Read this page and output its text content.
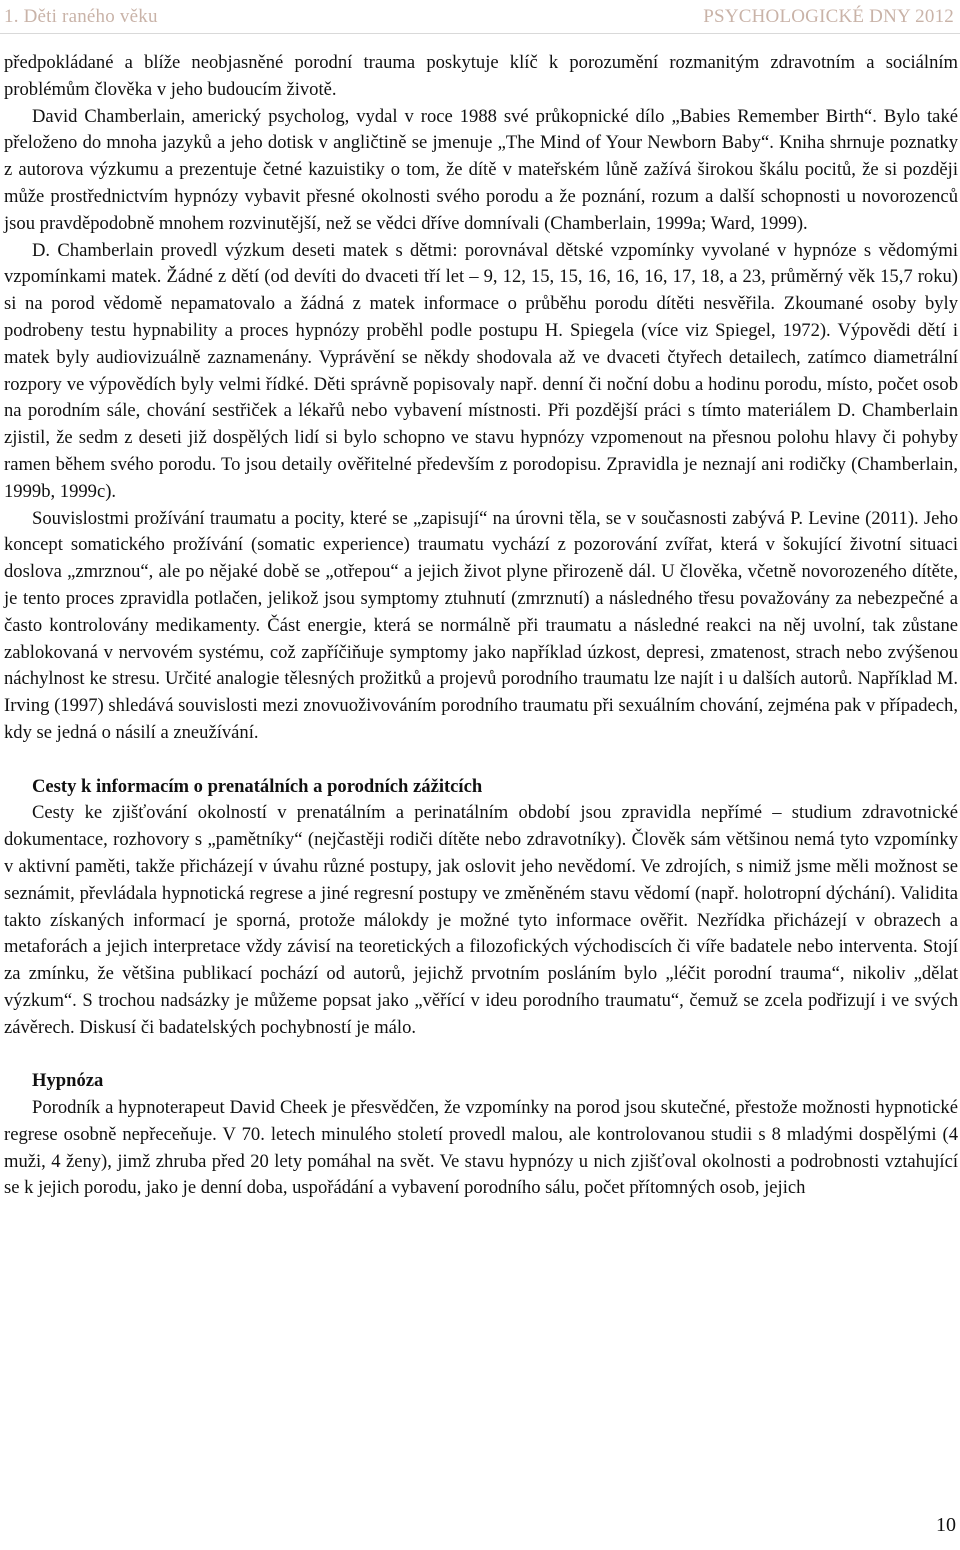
1. Děti raného věku	PSYCHOLOGICKÉ DNY 2012

předpokládané a blíže neobjasněné porodní trauma poskytuje klíč k porozumění rozmanitým zdravotním a sociálním problémům člověka v jeho budoucím životě.

David Chamberlain, americký psycholog, vydal v roce 1988 své průkopnické dílo „Babies Remember Birth“. Bylo také přeloženo do mnoha jazyků a jeho dotisk v angličtině se jmenuje „The Mind of Your Newborn Baby“. Kniha shrnuje poznatky z autorova výzkumu a prezentuje četné kazuistiky o tom, že dítě v mateřském lůně zažívá širokou škálu pocitů, že si později může prostřednictvím hypnózy vybavit přesné okolnosti svého porodu a že poznání, rozum a další schopnosti u novorozenců jsou pravděpodobně mnohem rozvinutější, než se vědci dříve domnívali (Chamberlain, 1999a; Ward, 1999).

D. Chamberlain provedl výzkum deseti matek s dětmi: porovnával dětské vzpomínky vyvolané v hypnóze s vědomými vzpomínkami matek. Žádné z dětí (od devíti do dvaceti tří let – 9, 12, 15, 15, 16, 16, 16, 17, 18, a 23, průměrný věk 15,7 roku) si na porod vědomě nepamatovalo a žádná z matek informace o průběhu porodu dítěti nesvěřila. Zkoumané osoby byly podrobeny testu hypnability a proces hypnózy proběhl podle postupu H. Spiegela (více viz Spiegel, 1972). Výpovědi dětí i matek byly audiovizuálně zaznamenány. Vyprávění se někdy shodovala až ve dvaceti čtyřech detailech, zatímco diametrální rozpory ve výpovědích byly velmi řídké. Děti správně popisovaly např. denní či noční dobu a hodinu porodu, místo, počet osob na porodním sále, chování sestřiček a lékařů nebo vybavení místnosti. Při pozdější práci s tímto materiálem D. Chamberlain zjistil, že sedm z deseti již dospělých lidí si bylo schopno ve stavu hypnózy vzpomenout na přesnou polohu hlavy či pohyby ramen během svého porodu. To jsou detaily ověřitelné především z porodopisu. Zpravidla je neznají ani rodičky (Chamberlain, 1999b, 1999c).

Souvislostmi prožívání traumatu a pocity, které se „zapisují“ na úrovni těla, se v současnosti zabývá P. Levine (2011). Jeho koncept somatického prožívání (somatic experience) traumatu vychází z pozorování zvířat, která v šokující životní situaci doslova „zmrznou“, ale po nějaké době se „otřepou“ a jejich život plyne přirozeně dál. U člověka, včetně novorozeného dítěte, je tento proces zpravidla potlačen, jelikož jsou symptomy ztuhnutí (zmrznutí) a následného třesu považovány za nebezpečné a často kontrolovány medikamenty. Část energie, která se normálně při traumatu a následné reakci na něj uvolní, tak zůstane zablokovaná v nervovém systému, což zapříčiňuje symptomy jako například úzkost, depresi, zmatenost, strach nebo zvýšenou náchylnost ke stresu. Určité analogie tělesných prožitků a projevů porodního traumatu lze najít i u dalších autorů. Například M. Irving (1997) shledává souvislosti mezi znovuoživováním porodního traumatu při sexuálním chování, zejména pak v případech, kdy se jedná o násilí a zneužívání.

Cesty k informacím o prenatálních a porodních zážitcích

Cesty ke zjišťování okolností v prenatálním a perinatálním období jsou zpravidla nepřímé – studium zdravotnické dokumentace, rozhovory s „pamětníky“ (nejčastěji rodiči dítěte nebo zdravotníky). Člověk sám většinou nemá tyto vzpomínky v aktivní paměti, takže přicházejí v úvahu různé postupy, jak oslovit jeho nevědomí. Ve zdrojích, s nimiž jsme měli možnost se seznámit, převládala hypnotická regrese a jiné regresní postupy ve změněném stavu vědomí (např. holotropní dýchání). Validita takto získaných informací je sporná, protože málokdy je možné tyto informace ověřit. Nezřídka přicházejí v obrazech a metaforách a jejich interpretace vždy závisí na teoretických a filozofických východiscích či víře badatele nebo interventa. Stojí za zmínku, že většina publikací pochází od autorů, jejichž prvotním posláním bylo „léčit porodní trauma“, nikoliv „dělat výzkum“. S trochou nadsázky je můžeme popsat jako „věřící v ideu porodního traumatu“, čemuž se zcela podřizují i ve svých závěrech. Diskusí či badatelských pochybností je málo.

Hypnóza

Porodník a hypnoterapeut David Cheek je přesvědčen, že vzpomínky na porod jsou skutečné, přestože možnosti hypnotické regrese osobně nepřeceňuje. V 70. letech minulého století provedl malou, ale kontrolovanou studii s 8 mladými dospělými (4 muži, 4 ženy), jimž zhruba před 20 lety pomáhal na svět. Ve stavu hypnózy u nich zjišťoval okolnosti a podrobnosti vztahující se k jejich porodu, jako je denní doba, uspořádání a vybavení porodního sálu, počet přítomných osob, jejich

10
